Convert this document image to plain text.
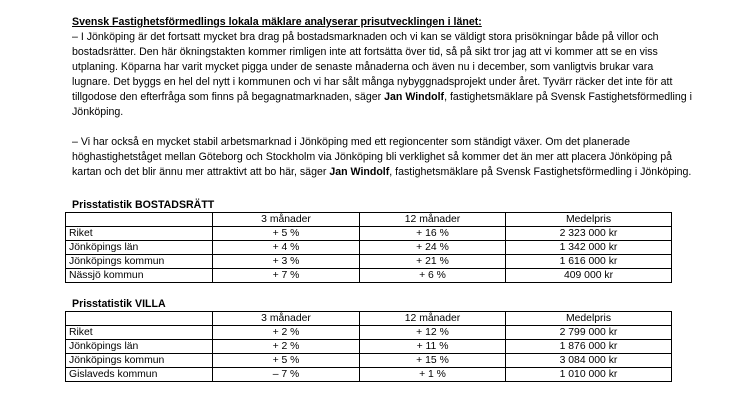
Svensk Fastighetsförmedlings lokala mäklare analyserar prisutvecklingen i länet:

– I Jönköping är det fortsatt mycket bra drag på bostadsmarknaden och vi kan se väldigt stora prisökningar både på villor och bostadsrätter. Den här ökningstakten kommer rimligen inte att fortsätta över tid, så på sikt tror jag att vi kommer att se en viss utplaning. Köparna har varit mycket pigga under de senaste månaderna och även nu i december, som vanligtvis brukar vara lugnare. Det byggs en hel del nytt i kommunen och vi har sålt många nybyggnadsprojekt under året. Tyvärr räcker det inte för att tillgodose den efterfråga som finns på begagnatmarknaden, säger Jan Windolf, fastighetsmäklare på Svensk Fastighetsförmedling i Jönköping.

– Vi har också en mycket stabil arbetsmarknad i Jönköping med ett regioncenter som ständigt växer. Om det planerade höghastighetståget mellan Göteborg och Stockholm via Jönköping bli verklighet så kommer det än mer att placera Jönköping på kartan och det blir ännu mer attraktivt att bo här, säger Jan Windolf, fastighetsmäklare på Svensk Fastighetsförmedling i Jönköping.

Prisstatistik BOSTADSRÄTT
	3 månader	12 månader	Medelpris
Riket	+ 5 %	+ 16 %	2 323 000 kr
Jönköpings län	+ 4 %	+ 24 %	1 342 000 kr
Jönköpings kommun	+ 3 %	+ 21 %	1 616 000 kr
Nässjö kommun	+ 7 %	+ 6 %	409 000 kr
Prisstatistik VILLA
	3 månader	12 månader	Medelpris
Riket	+ 2 %	+ 12 %	2 799 000 kr
Jönköpings län	+ 2 %	+ 11 %	1 876 000 kr
Jönköpings kommun	+ 5 %	+ 15 %	3 084 000 kr
Gislaveds kommun	– 7 %	+ 1 %	1 010 000 kr
